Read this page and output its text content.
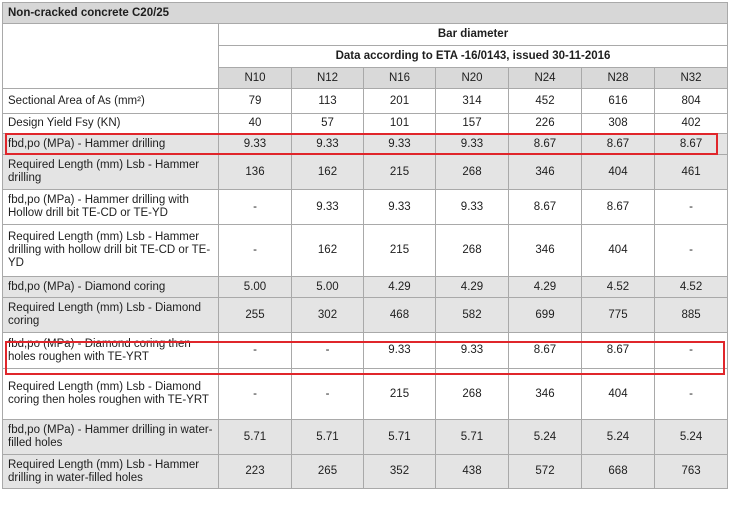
Non-cracked concrete C20/25							
	Bar diameter						
	Data according to ETA -16/0143, issued 30-11-2016						
	N10	N12	N16	N20	N24	N28	N32
Sectional Area of As (mm²)	79	113	201	314	452	616	804
Design Yield Fsy (KN)	40	57	101	157	226	308	402
fbd,po (MPa) - Hammer drilling	9.33	9.33	9.33	9.33	8.67	8.67	8.67
Required Length (mm) Lsb - Hammer drilling	136	162	215	268	346	404	461
fbd,po (MPa) - Hammer drilling with Hollow drill bit TE-CD or TE-YD	-	9.33	9.33	9.33	8.67	8.67	-
Required Length (mm) Lsb - Hammer drilling with hollow drill bit TE-CD or TE-YD	-	162	215	268	346	404	-
fbd,po (MPa) - Diamond coring	5.00	5.00	4.29	4.29	4.29	4.52	4.52
Required Length (mm) Lsb - Diamond coring	255	302	468	582	699	775	885
fbd,po (MPa) - Diamond coring then holes roughen with TE-YRT	-	-	9.33	9.33	8.67	8.67	-
Required Length (mm) Lsb - Diamond coring then holes roughen with TE-YRT	-	-	215	268	346	404	-
fbd,po (MPa) - Hammer drilling in water-filled holes	5.71	5.71	5.71	5.71	5.24	5.24	5.24
Required Length (mm) Lsb - Hammer drilling in water-filled holes	223	265	352	438	572	668	763
